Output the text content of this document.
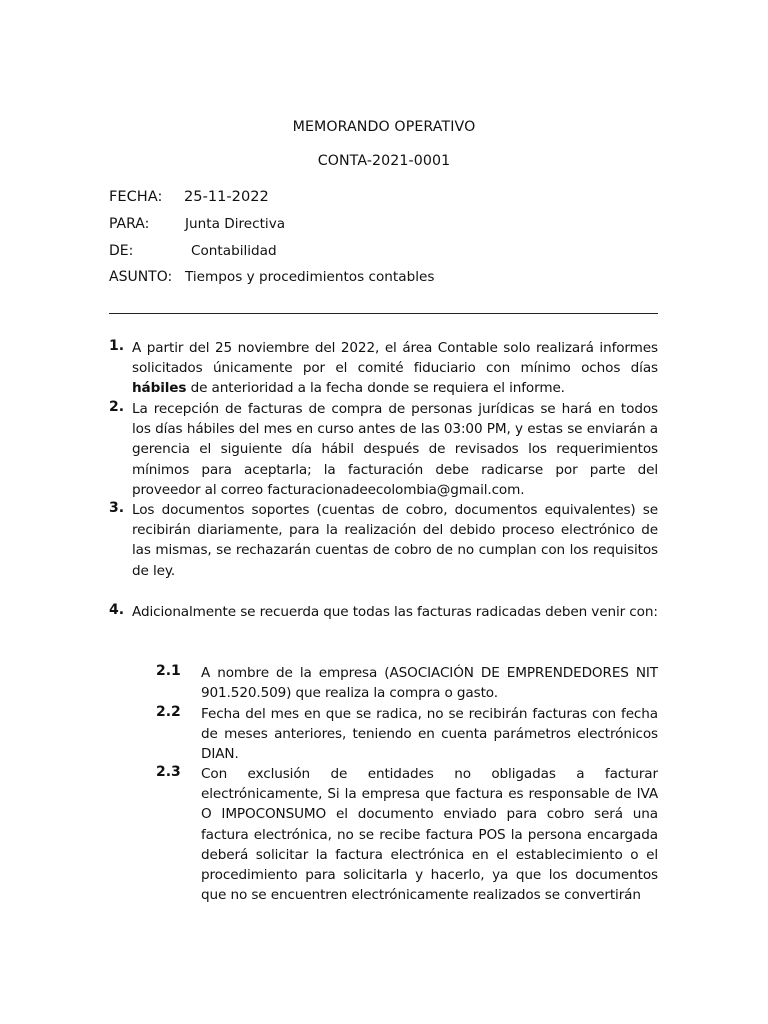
MEMORANDO OPERATIVO
CONTA-2021-0001
FECHA: 25-11-2022
PARA:	Junta Directiva
DE:	Contabilidad
ASUNTO: Tiempos y procedimientos contables
1. A partir del 25 noviembre del 2022, el área Contable solo realizará informes solicitados únicamente por el comité fiduciario con mínimo ochos días hábiles de anterioridad a la fecha donde se requiera el informe.
2. La recepción de facturas de compra de personas jurídicas se hará en todos los días hábiles del mes en curso antes de las 03:00 PM, y estas se enviarán a gerencia el siguiente día hábil después de revisados los requerimientos mínimos para aceptarla; la facturación debe radicarse por parte del proveedor al correo facturacionadeecolombia@gmail.com.
3. Los documentos soportes (cuentas de cobro, documentos equivalentes) se recibirán diariamente, para la realización del debido proceso electrónico de las mismas, se rechazarán cuentas de cobro de no cumplan con los requisitos de ley.
4. Adicionalmente se recuerda que todas las facturas radicadas deben venir con:
2.1 A nombre de la empresa (ASOCIACIÓN DE EMPRENDEDORES NIT 901.520.509) que realiza la compra o gasto.
2.2 Fecha del mes en que se radica, no se recibirán facturas con fecha de meses anteriores, teniendo en cuenta parámetros electrónicos DIAN.
2.3 Con exclusión de entidades no obligadas a facturar electrónicamente, Si la empresa que factura es responsable de IVA O IMPOCONSUMO el documento enviado para cobro será una factura electrónica, no se recibe factura POS la persona encargada deberá solicitar la factura electrónica en el establecimiento o el procedimiento para solicitarla y hacerlo, ya que los documentos que no se encuentren electrónicamente realizados se convertirán
